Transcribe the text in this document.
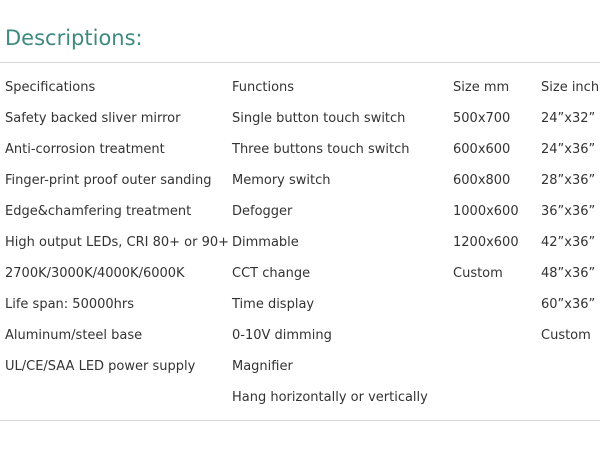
Descriptions:
Specifications
Safety backed sliver mirror
Anti-corrosion treatment
Finger-print proof outer sanding
Edge&chamfering treatment
High output LEDs, CRI 80+ or 90+
2700K/3000K/4000K/6000K
Life span: 50000hrs
Aluminum/steel base
UL/CE/SAA LED power supply
Functions
Single button touch switch
Three buttons touch switch
Memory switch
Defogger
Dimmable
CCT change
Time display
0-10V dimming
Magnifier
Hang horizontally or vertically
Size mm
500x700
600x600
600x800
1000x600
1200x600
Custom
Size inch
24”x32”
24”x36”
28”x36”
36”x36”
42”x36”
48”x36”
60”x36”
Custom
